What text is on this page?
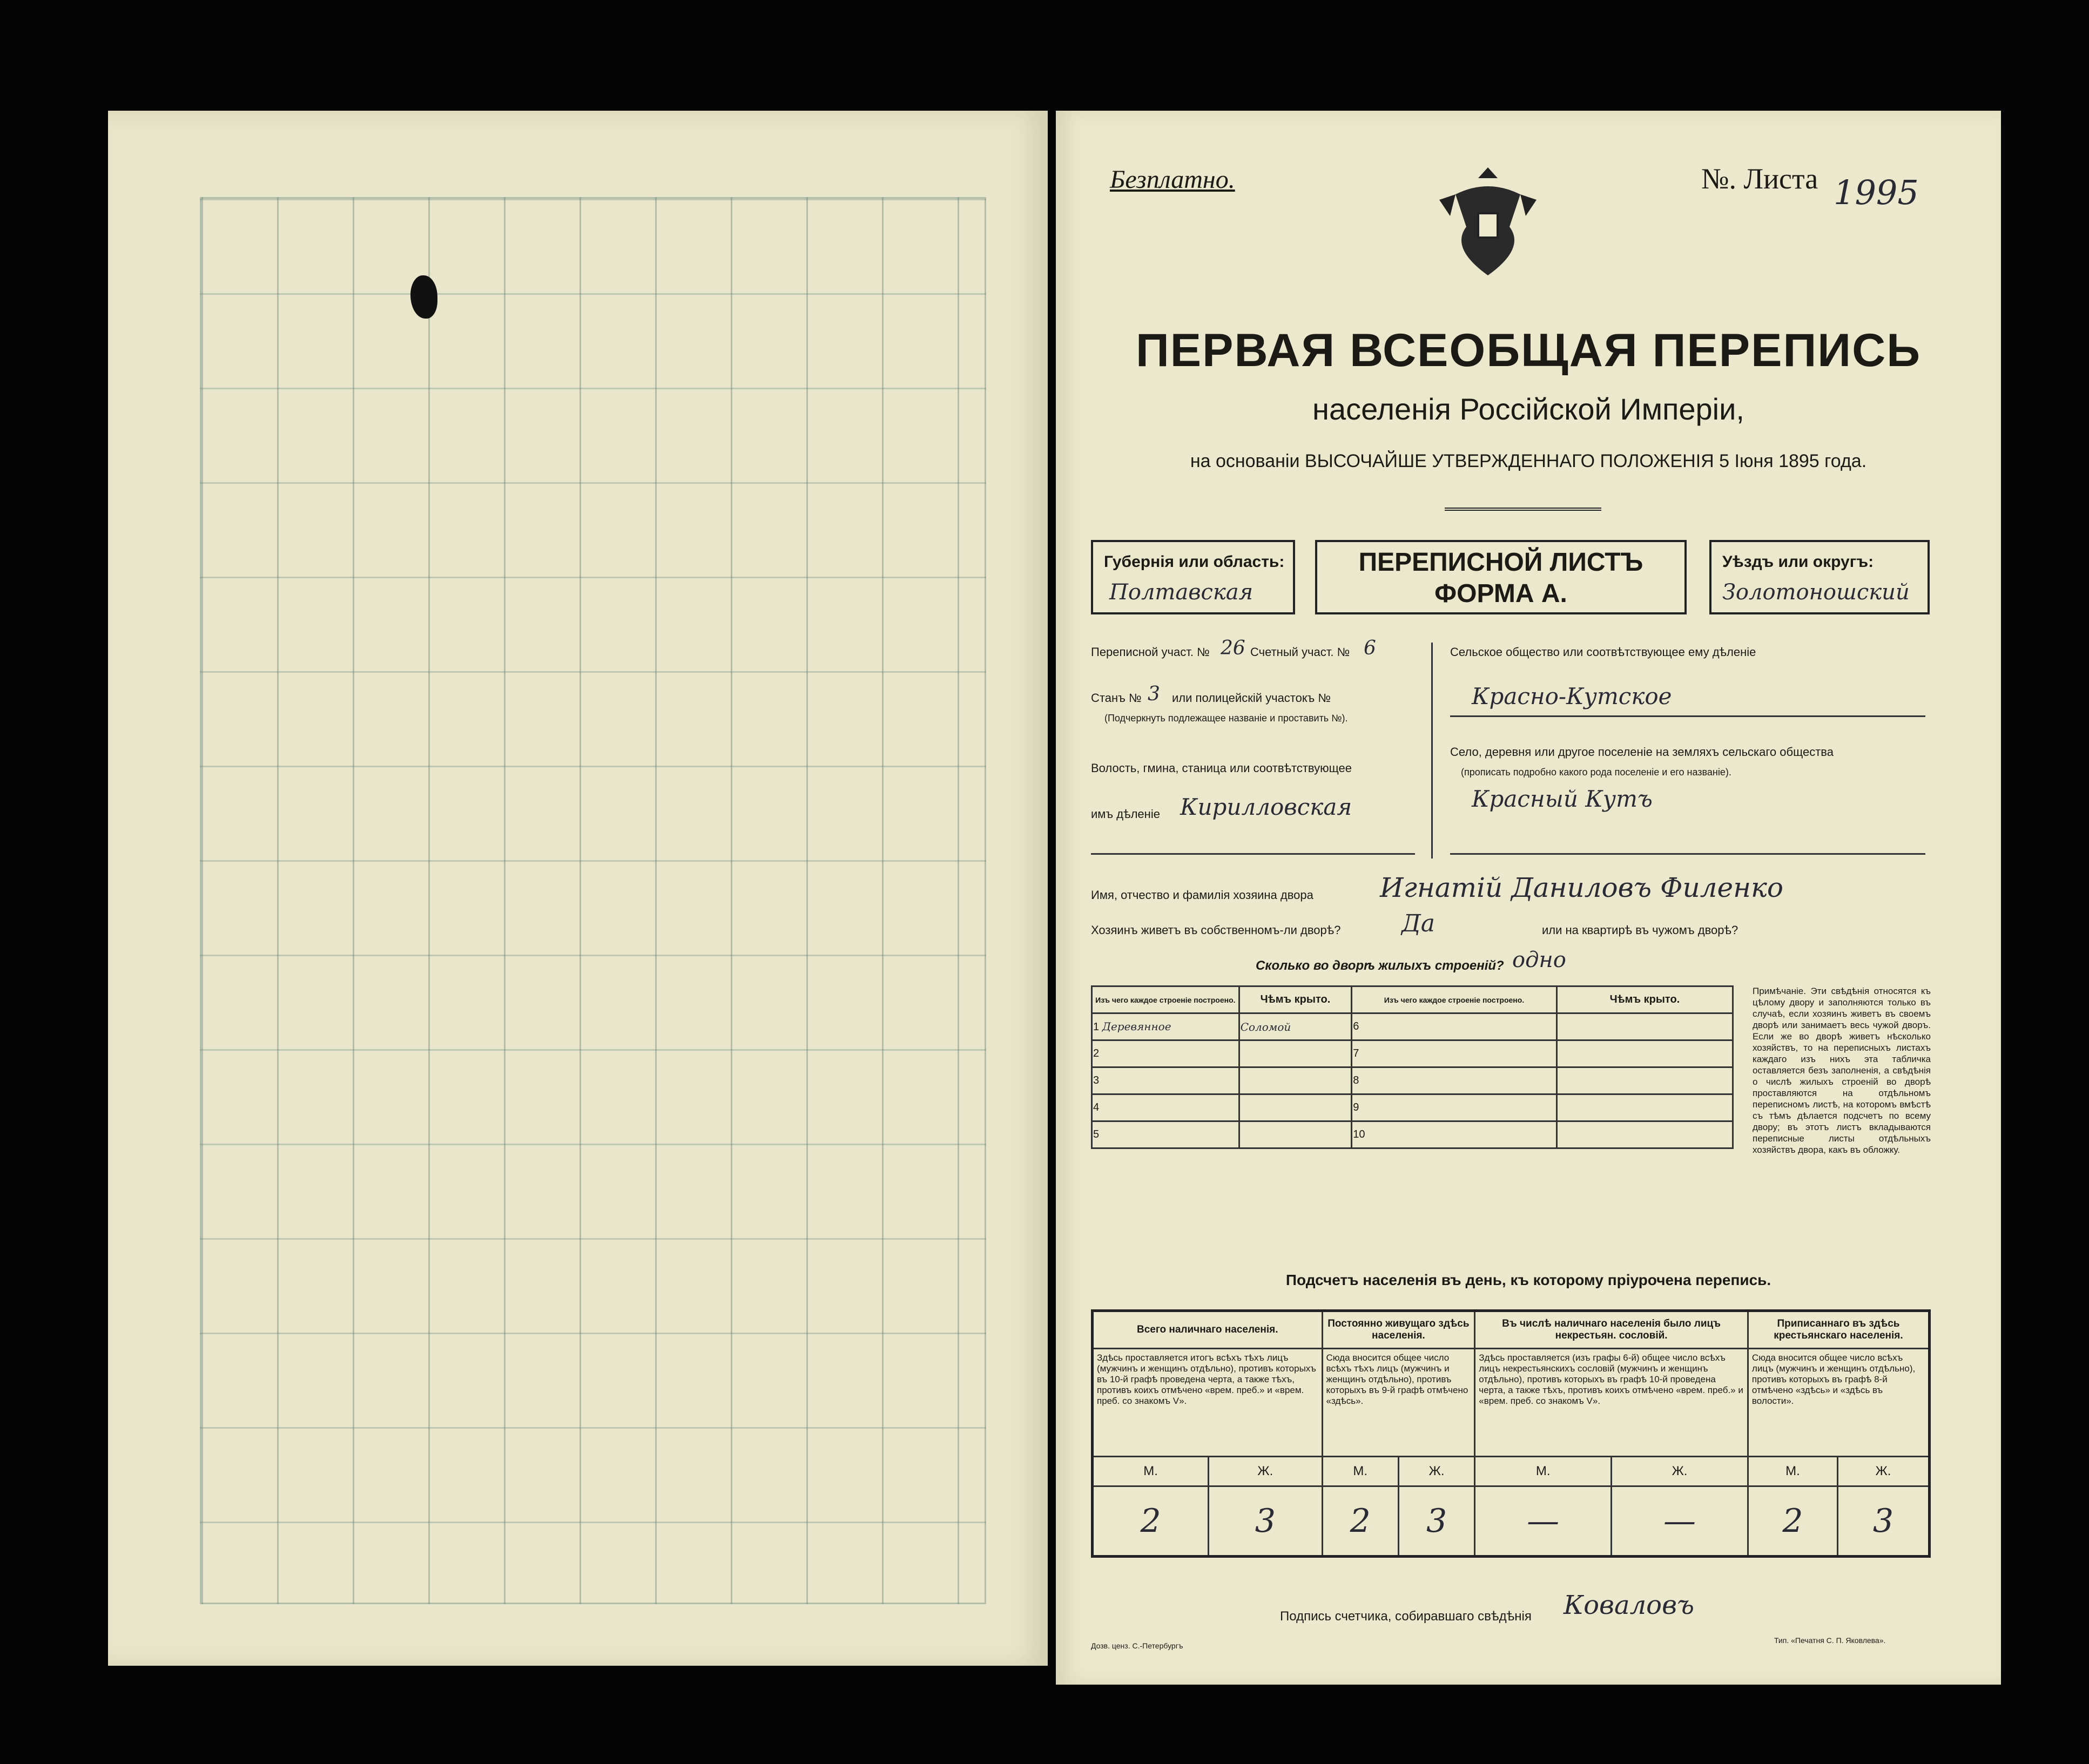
Безплатно.	№. Листа 1995
ПЕРВАЯ ВСЕОБЩАЯ ПЕРЕПИСЬ
населенія Россійской Имперіи,
на основаніи ВЫСОЧАЙШЕ УТВЕРЖДЕННАГО ПОЛОЖЕНІЯ 5 Іюня 1895 года.
Губернія или область:
Полтавская
ПЕРЕПИСНОЙ ЛИСТЪ
ФОРМА А.
Уѣздъ или округъ:
Золотоношский
Переписной участ. № 26 Счетный участ. № 6
Станъ № 3 или полицейскій участокъ №
(Подчеркнуть подлежащее названіе и проставить №).
Волость, гмина, станица или соотвѣтствующее
имъ дѣленіе Кирилловская
Сельское общество или соотвѣтствующее ему дѣленіе
Красно-Кутское
Село, деревня или другое поселеніе на земляхъ сельскаго общества
(прописать подробно какого рода поселеніе и его названіе).
Красный Кутъ
Имя, отчество и фамилія хозяина двора Игнатій Даниловъ Филенко
Хозяинъ живетъ въ собственномъ-ли дворѣ?	Да	или на квартирѣ въ чужомъ дворѣ?
Сколько во дворѣ жилыхъ строеній? одно
Изъ чего каждое строеніе построено.	Чѣмъ крыто.	Изъ чего каждое строеніе построено.	Чѣмъ крыто.
1 Деревянное	Соломой	6	
2		7	
3		8	
4		9	
5		10	
Примѣчаніе. Эти свѣдѣнія относятся къ цѣлому двору и заполняются только въ случаѣ, если хозяинъ живетъ въ своемъ дворѣ или занимаетъ весь чужой дворъ. Если же во дворѣ живетъ нѣсколько хозяйствъ, то на переписныхъ листахъ каждаго изъ нихъ эта табличка оставляется безъ заполненія, а свѣдѣнія о числѣ жилыхъ строеній во дворѣ проставляются на отдѣльномъ переписномъ листѣ, на которомъ вмѣстѣ съ тѣмъ дѣлается подсчетъ по всему двору; въ этотъ листъ вкладываются переписные листы отдѣльныхъ хозяйствъ двора, какъ въ обложку.
Подсчетъ населенія въ день, къ которому пріурочена перепись.
Всего наличнаго населенія.		Постоянно живущаго здѣсь населенія.		Въ числѣ наличнаго населенія было лицъ некрестьян. сословій.		Приписаннаго въ здѣсь крестьянскаго населенія.	
Здѣсь проставляется итогъ всѣхъ тѣхъ лицъ (мужчинъ и женщинъ отдѣльно), противъ которыхъ въ 10-й графѣ проведена черта, а также тѣхъ, противъ коихъ отмѣчено «врем. преб.» и «врем. преб. со знакомъ V».		Сюда вносится общее число всѣхъ тѣхъ лицъ (мужчинъ и женщинъ отдѣльно), противъ которыхъ въ 9-й графѣ отмѣчено «здѣсь».		Здѣсь проставляется (изъ графы 6-й) общее число всѣхъ лицъ некрестьянскихъ сословій (мужчинъ и женщинъ отдѣльно), противъ которыхъ въ графѣ 10-й проведена черта, а также тѣхъ, противъ коихъ отмѣчено «врем. преб.» и «врем. преб. со знакомъ V».		Сюда вносится общее число всѣхъ лицъ (мужчинъ и женщинъ отдѣльно), противъ которыхъ въ графѣ 8-й отмѣчено «здѣсь» и «здѣсь въ волости».	
М.	Ж.	М.	Ж.	М.	Ж.	М.	Ж.
2	3	2	3	—	—	2	3
Подпись счетчика, собиравшаго свѣдѣнія Коваловъ
Дозв. ценз. С.-Петербургъ
Тип. «Печатня С. П. Яковлева».
